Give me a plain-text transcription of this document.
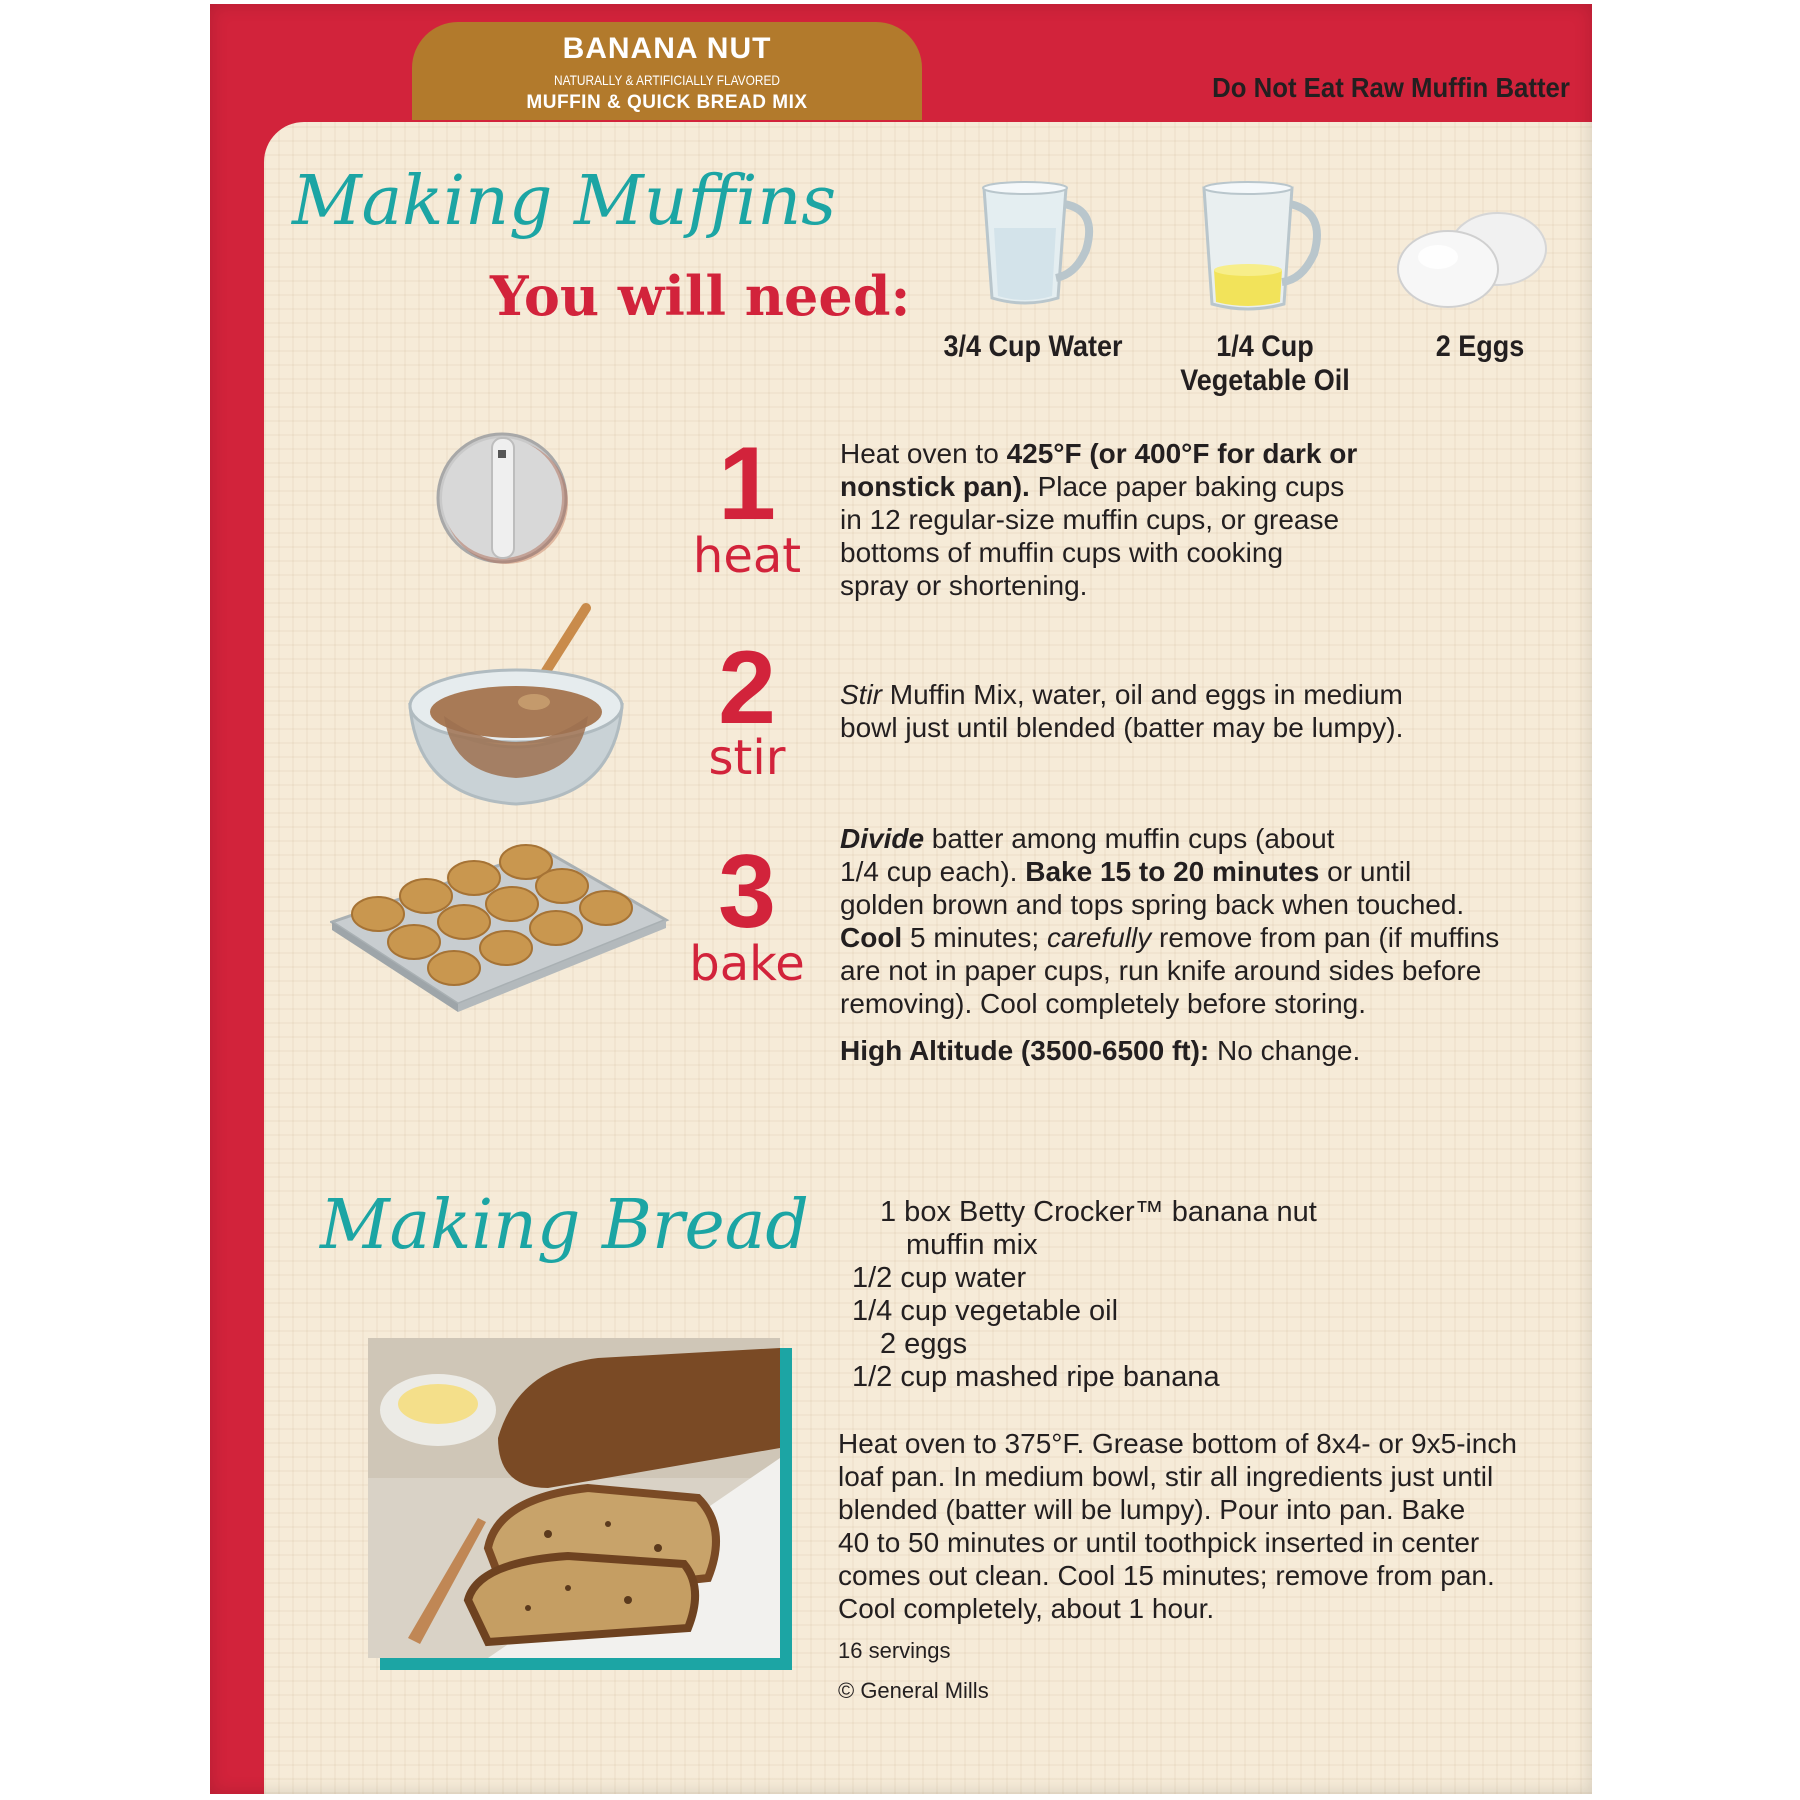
BANANA NUT
NATURALLY & ARTIFICIALLY FLAVORED
MUFFIN & QUICK BREAD MIX	Do Not Eat Raw Muffin Batter
Making Muffins
You will need:
3/4 Cup Water	1/4 Cup
Vegetable Oil
2 Eggs
1
heat
Heat oven to 425°F (or 400°F for dark or
nonstick pan). Place paper baking cups
in 12 regular-size muffin cups, or grease
bottoms of muffin cups with cooking
spray or shortening.
2
stir
Stir Muffin Mix, water, oil and eggs in medium
bowl just until blended (batter may be lumpy).
3
bake
Divide batter among muffin cups (about
1/4 cup each). Bake 15 to 20 minutes or until
golden brown and tops spring back when touched.
Cool 5 minutes; carefully remove from pan (if muffins
are not in paper cups, run knife around sides before
removing). Cool completely before storing.
High Altitude (3500-6500 ft): No change.
Making Bread	1 box Betty Crocker™ banana nut
muffin mix
1/2 cup water
1/4 cup vegetable oil
2 eggs
1/2 cup mashed ripe banana
Heat oven to 375°F. Grease bottom of 8x4- or 9x5-inch
loaf pan. In medium bowl, stir all ingredients just until
blended (batter will be lumpy). Pour into pan. Bake
40 to 50 minutes or until toothpick inserted in center
comes out clean. Cool 15 minutes; remove from pan.
Cool completely, about 1 hour.
16 servings
© General Mills
